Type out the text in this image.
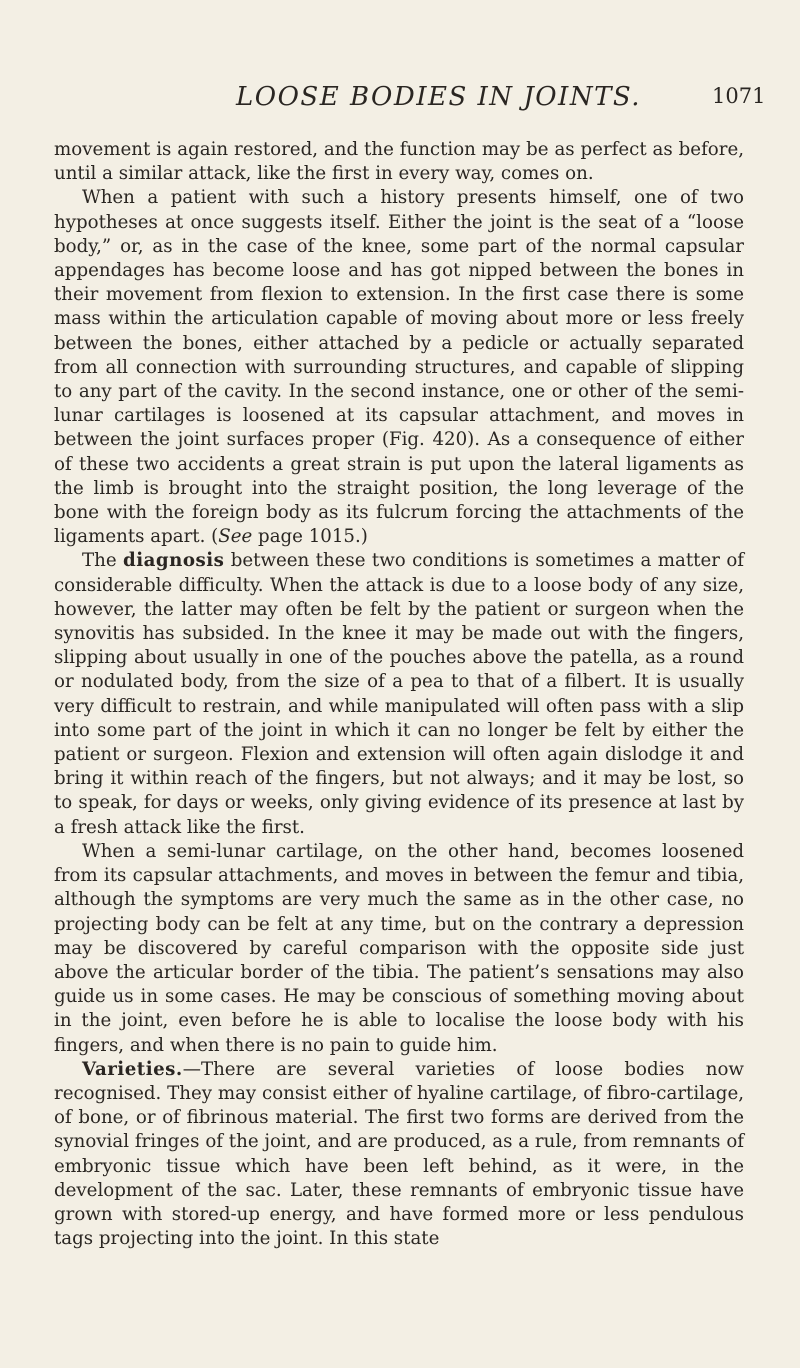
LOOSE BODIES IN JOINTS.	1071

movement is again restored, and the function may be as perfect as before, until a similar attack, like the first in every way, comes on.

When a patient with such a history presents himself, one of two hypotheses at once suggests itself. Either the joint is the seat of a “loose body,” or, as in the case of the knee, some part of the normal capsular appendages has become loose and has got nipped between the bones in their movement from flexion to extension. In the first case there is some mass within the articulation capable of moving about more or less freely between the bones, either attached by a pedicle or actually separated from all connection with surrounding structures, and capable of slipping to any part of the cavity. In the second instance, one or other of the semi-lunar cartilages is loosened at its capsular attachment, and moves in between the joint surfaces proper (Fig. 420). As a consequence of either of these two accidents a great strain is put upon the lateral ligaments as the limb is brought into the straight position, the long leverage of the bone with the foreign body as its fulcrum forcing the attachments of the ligaments apart. (See page 1015.)

The diagnosis between these two conditions is sometimes a matter of considerable difficulty. When the attack is due to a loose body of any size, however, the latter may often be felt by the patient or surgeon when the synovitis has subsided. In the knee it may be made out with the fingers, slipping about usually in one of the pouches above the patella, as a round or nodulated body, from the size of a pea to that of a filbert. It is usually very difficult to restrain, and while manipulated will often pass with a slip into some part of the joint in which it can no longer be felt by either the patient or surgeon. Flexion and extension will often again dislodge it and bring it within reach of the fingers, but not always; and it may be lost, so to speak, for days or weeks, only giving evidence of its presence at last by a fresh attack like the first.

When a semi-lunar cartilage, on the other hand, becomes loosened from its capsular attachments, and moves in between the femur and tibia, although the symptoms are very much the same as in the other case, no projecting body can be felt at any time, but on the contrary a depression may be discovered by careful comparison with the opposite side just above the articular border of the tibia. The patient’s sensations may also guide us in some cases. He may be conscious of something moving about in the joint, even before he is able to localise the loose body with his fingers, and when there is no pain to guide him.

Varieties.—There are several varieties of loose bodies now recognised. They may consist either of hyaline cartilage, of fibro-cartilage, of bone, or of fibrinous material. The first two forms are derived from the synovial fringes of the joint, and are produced, as a rule, from remnants of embryonic tissue which have been left behind, as it were, in the development of the sac. Later, these remnants of embryonic tissue have grown with stored-up energy, and have formed more or less pendulous tags projecting into the joint. In this state
